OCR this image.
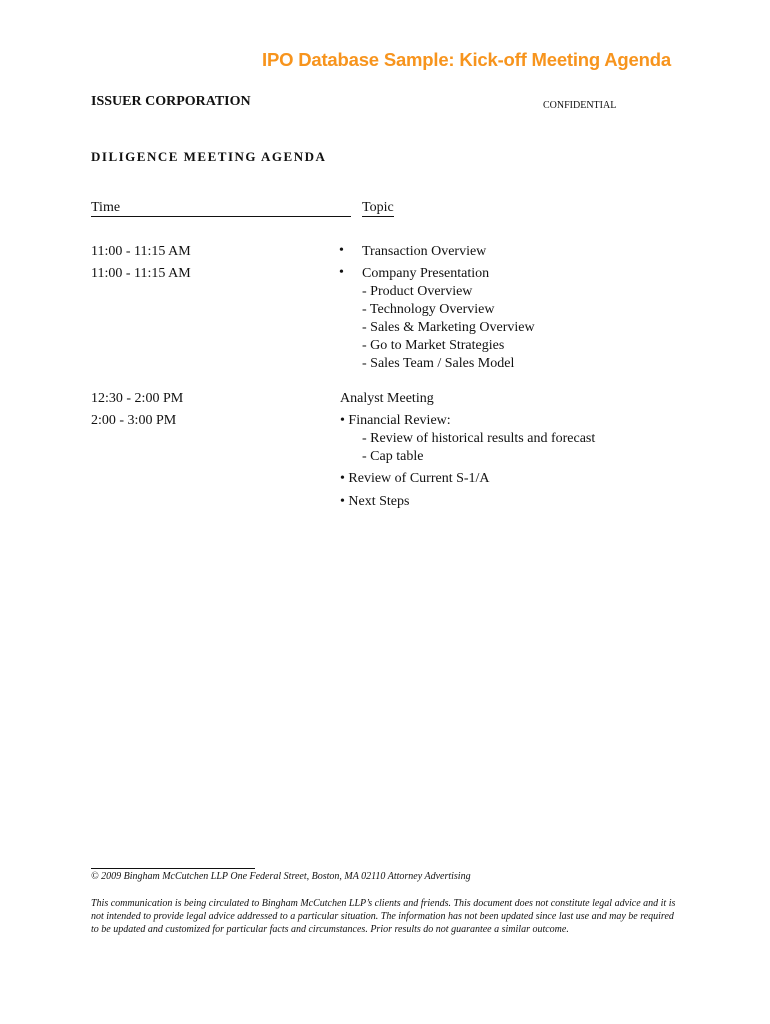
IPO Database Sample: Kick-off Meeting Agenda
ISSUER CORPORATION	CONFIDENTIAL
DILIGENCE MEETING AGENDA
Time	Topic
11:00 - 11:15 AM
11:00 - 11:15 AM
• Transaction Overview
• Company Presentation
- Product Overview
- Technology Overview
- Sales & Marketing Overview
- Go to Market Strategies
- Sales Team / Sales Model
12:30 - 2:00 PM
2:00 - 3:00 PM
Analyst Meeting
• Financial Review:
- Review of historical results and forecast
- Cap table
• Review of Current S-1/A
• Next Steps
© 2009 Bingham McCutchen LLP One Federal Street, Boston, MA 02110 Attorney Advertising
This communication is being circulated to Bingham McCutchen LLP’s clients and friends. This document does not constitute legal advice and it is not intended to provide legal advice addressed to a particular situation. The information has not been updated since last use and may be required to be updated and customized for particular facts and circumstances. Prior results do not guarantee a similar outcome.
